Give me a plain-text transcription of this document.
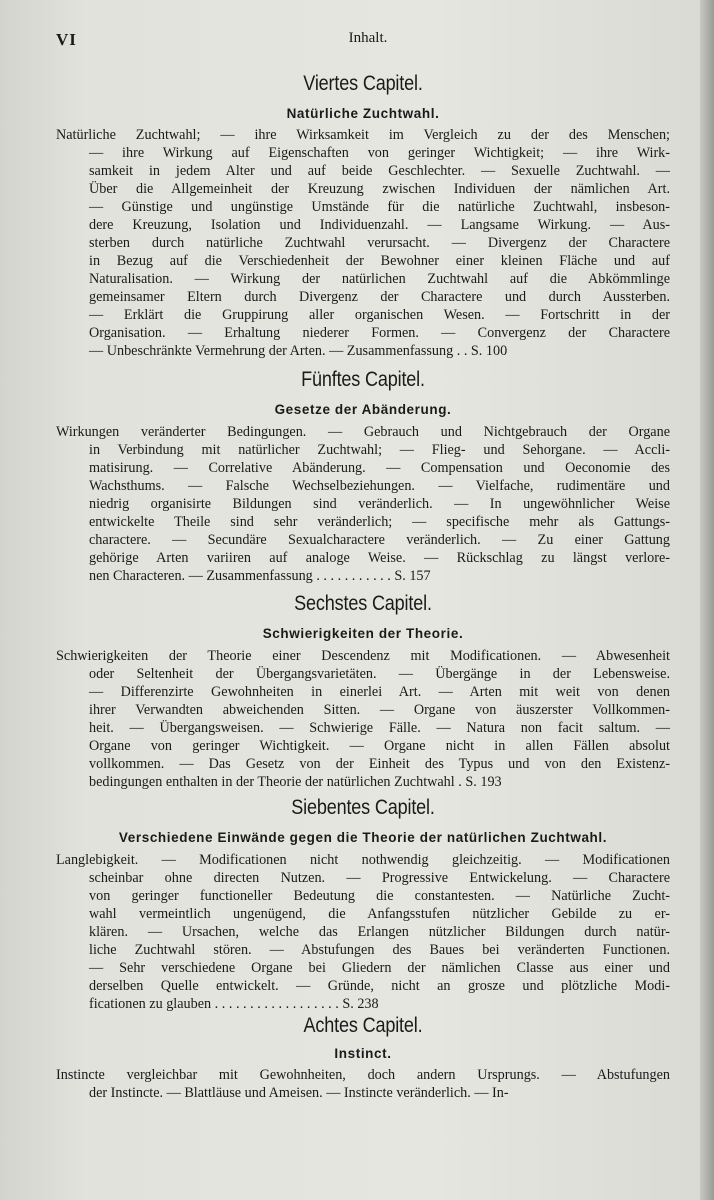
VI	Inhalt.
Viertes Capitel.
Natürliche Zuchtwahl.
Natürliche Zuchtwahl; — ihre Wirksamkeit im Vergleich zu der des Menschen;
— ihre Wirkung auf Eigenschaften von geringer Wichtigkeit; — ihre Wirk-
samkeit in jedem Alter und auf beide Geschlechter. — Sexuelle Zuchtwahl. —
Über die Allgemeinheit der Kreuzung zwischen Individuen der nämlichen Art.
— Günstige und ungünstige Umstände für die natürliche Zuchtwahl, insbeson-
dere Kreuzung, Isolation und Individuenzahl. — Langsame Wirkung. — Aus-
sterben durch natürliche Zuchtwahl verursacht. — Divergenz der Charactere
in Bezug auf die Verschiedenheit der Bewohner einer kleinen Fläche und auf
Naturalisation. — Wirkung der natürlichen Zuchtwahl auf die Abkömmlinge
gemeinsamer Eltern durch Divergenz der Charactere und durch Aussterben.
— Erklärt die Gruppirung aller organischen Wesen. — Fortschritt in der
Organisation. — Erhaltung niederer Formen. — Convergenz der Charactere
— Unbeschränkte Vermehrung der Arten. — Zusammenfassung . . S. 100
Fünftes Capitel.
Gesetze der Abänderung.
Wirkungen veränderter Bedingungen. — Gebrauch und Nichtgebrauch der Organe
in Verbindung mit natürlicher Zuchtwahl; — Flieg- und Sehorgane. — Accli-
matisirung. — Correlative Abänderung. — Compensation und Oeconomie des
Wachsthums. — Falsche Wechselbeziehungen. — Vielfache, rudimentäre und
niedrig organisirte Bildungen sind veränderlich. — In ungewöhnlicher Weise
entwickelte Theile sind sehr veränderlich; — specifische mehr als Gattungs-
charactere. — Secundäre Sexualcharactere veränderlich. — Zu einer Gattung
gehörige Arten variiren auf analoge Weise. — Rückschlag zu längst verlore-
nen Characteren. — Zusammenfassung . . . . . . . . . . . S. 157
Sechstes Capitel.
Schwierigkeiten der Theorie.
Schwierigkeiten der Theorie einer Descendenz mit Modificationen. — Abwesenheit
oder Seltenheit der Übergangsvarietäten. — Übergänge in der Lebensweise.
— Differenzirte Gewohnheiten in einerlei Art. — Arten mit weit von denen
ihrer Verwandten abweichenden Sitten. — Organe von äuszerster Vollkommen-
heit. — Übergangsweisen. — Schwierige Fälle. — Natura non facit saltum. —
Organe von geringer Wichtigkeit. — Organe nicht in allen Fällen absolut
vollkommen. — Das Gesetz von der Einheit des Typus und von den Existenz-
bedingungen enthalten in der Theorie der natürlichen Zuchtwahl . S. 193
Siebentes Capitel.
Verschiedene Einwände gegen die Theorie der natürlichen Zuchtwahl.
Langlebigkeit. — Modificationen nicht nothwendig gleichzeitig. — Modificationen
scheinbar ohne directen Nutzen. — Progressive Entwickelung. — Charactere
von geringer functioneller Bedeutung die constantesten. — Natürliche Zucht-
wahl vermeintlich ungenügend, die Anfangsstufen nützlicher Gebilde zu er-
klären. — Ursachen, welche das Erlangen nützlicher Bildungen durch natür-
liche Zuchtwahl stören. — Abstufungen des Baues bei veränderten Functionen.
— Sehr verschiedene Organe bei Gliedern der nämlichen Classe aus einer und
derselben Quelle entwickelt. — Gründe, nicht an grosze und plötzliche Modi-
ficationen zu glauben . . . . . . . . . . . . . . . . . . S. 238
Achtes Capitel.
Instinct.
Instincte vergleichbar mit Gewohnheiten, doch andern Ursprungs. — Abstufungen
der Instincte. — Blattläuse und Ameisen. — Instincte veränderlich. — In-
